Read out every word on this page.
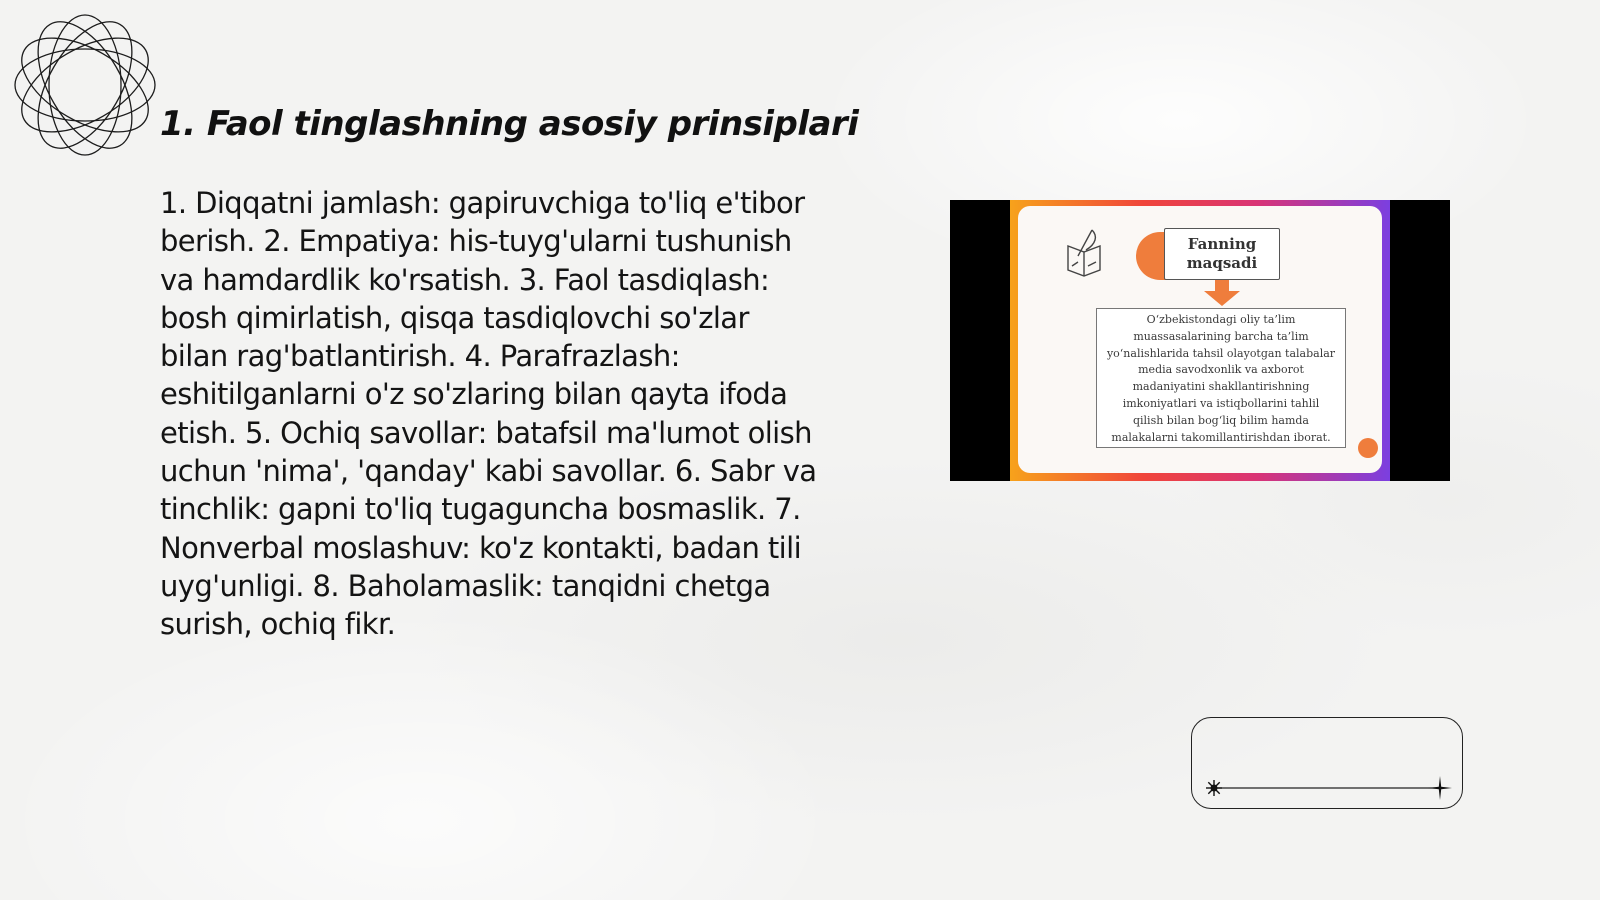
1. Faol tinglashning asosiy prinsiplari

1. Diqqatni jamlash: gapiruvchiga to'liq e'tibor berish. 2. Empatiya: his-tuyg'ularni tushunish va hamdardlik ko'rsatish. 3. Faol tasdiqlash: bosh qimirlatish, qisqa tasdiqlovchi so'zlar bilan rag'batlantirish. 4. Parafrazlash: eshitilganlarni o'z so'zlaring bilan qayta ifoda etish. 5. Ochiq savollar: batafsil ma'lumot olish uchun 'nima', 'qanday' kabi savollar. 6. Sabr va tinchlik: gapni to'liq tugaguncha bosmaslik. 7. Nonverbal moslashuv: ko'z kontakti, badan tili uyg'unligi. 8. Baholamaslik: tanqidni chetga surish, ochiq fikr.

Fanning
maqsadi
O‘zbekistondagi oliy ta’lim
muassasalarining barcha ta’lim
yo‘nalishlarida tahsil olayotgan talabalar
media savodxonlik va axborot
madaniyatini shakllantirishning
imkoniyatlari va istiqbollarini tahlil
qilish bilan bog‘liq bilim hamda
malakalarni takomillantirishdan iborat.
